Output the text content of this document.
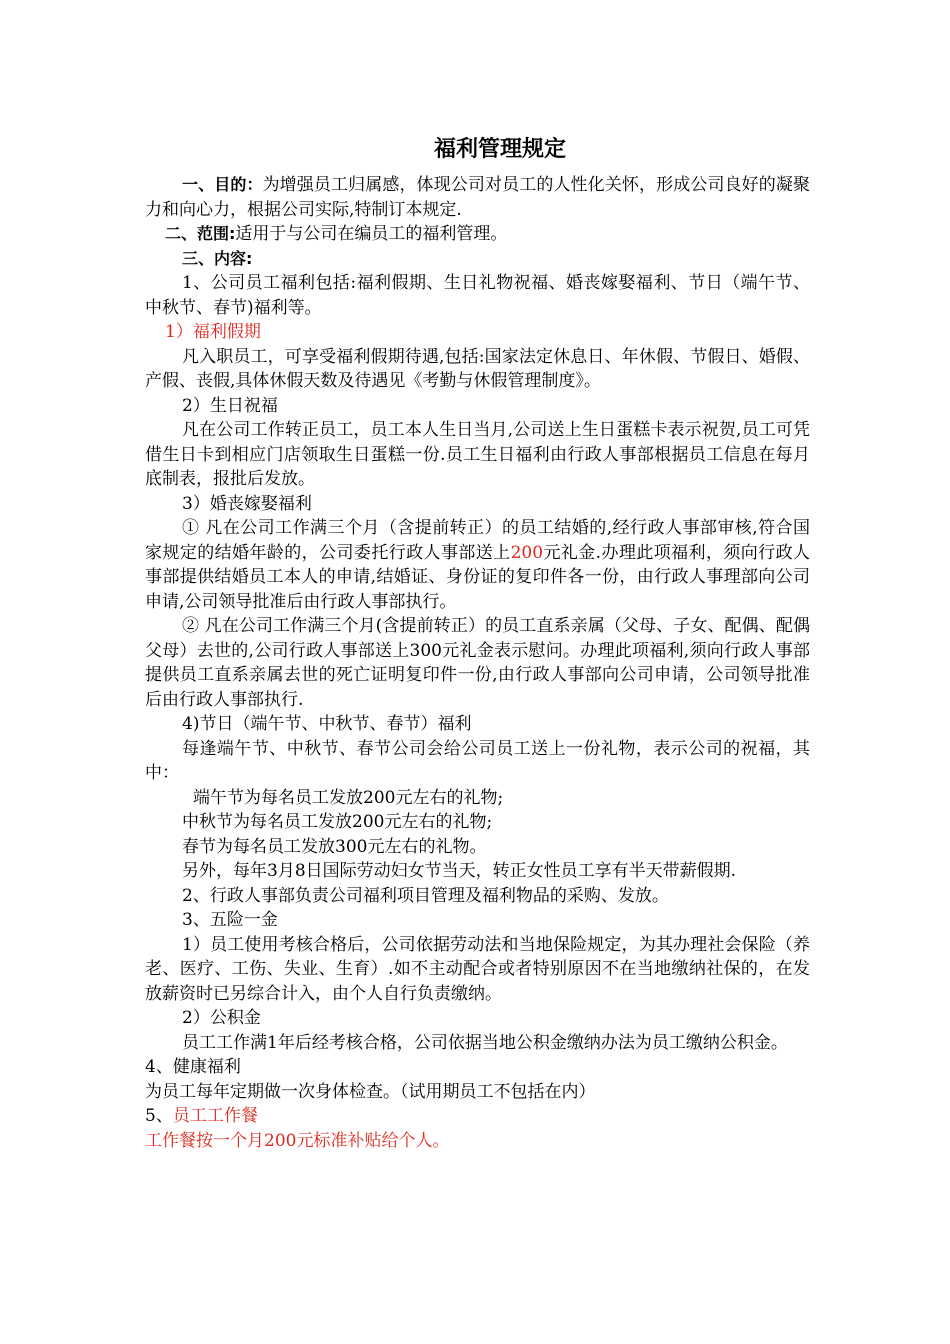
福利管理规定

一、目的：为增强员工归属感，体现公司对员工的人性化关怀，形成公司良好的凝聚力和向心力，根据公司实际,特制订本规定.

二、范围:适用于与公司在编员工的福利管理。

三、内容:

1、公司员工福利包括:福利假期、生日礼物祝福、婚丧嫁娶福利、节日（端午节、中秋节、春节)福利等。

1）福利假期

凡入职员工，可享受福利假期待遇,包括:国家法定休息日、年休假、节假日、婚假、产假、丧假,具体休假天数及待遇见《考勤与休假管理制度》。

2）生日祝福

凡在公司工作转正员工，员工本人生日当月,公司送上生日蛋糕卡表示祝贺,员工可凭借生日卡到相应门店领取生日蛋糕一份.员工生日福利由行政人事部根据员工信息在每月底制表，报批后发放。

3）婚丧嫁娶福利

① 凡在公司工作满三个月（含提前转正）的员工结婚的,经行政人事部审核,符合国家规定的结婚年龄的，公司委托行政人事部送上200元礼金.办理此项福利，须向行政人事部提供结婚员工本人的申请,结婚证、身份证的复印件各一份，由行政人事理部向公司申请,公司领导批准后由行政人事部执行。

② 凡在公司工作满三个月(含提前转正）的员工直系亲属（父母、子女、配偶、配偶父母）去世的,公司行政人事部送上300元礼金表示慰问。办理此项福利,须向行政人事部提供员工直系亲属去世的死亡证明复印件一份,由行政人事部向公司申请，公司领导批准后由行政人事部执行.

4)节日（端午节、中秋节、春节）福利

每逢端午节、中秋节、春节公司会给公司员工送上一份礼物，表示公司的祝福，其中：

端午节为每名员工发放200元左右的礼物;

中秋节为每名员工发放200元左右的礼物;

春节为每名员工发放300元左右的礼物。

另外，每年3月8日国际劳动妇女节当天，转正女性员工享有半天带薪假期.

2、行政人事部负责公司福利项目管理及福利物品的采购、发放。

3、五险一金

1）员工使用考核合格后，公司依据劳动法和当地保险规定，为其办理社会保险（养老、医疗、工伤、失业、生育）.如不主动配合或者特别原因不在当地缴纳社保的，在发放薪资时已另综合计入，由个人自行负责缴纳。

2）公积金

员工工作满1年后经考核合格，公司依据当地公积金缴纳办法为员工缴纳公积金。

4、健康福利

为员工每年定期做一次身体检查。（试用期员工不包括在内）

5、员工工作餐

工作餐按一个月200元标准补贴给个人。
